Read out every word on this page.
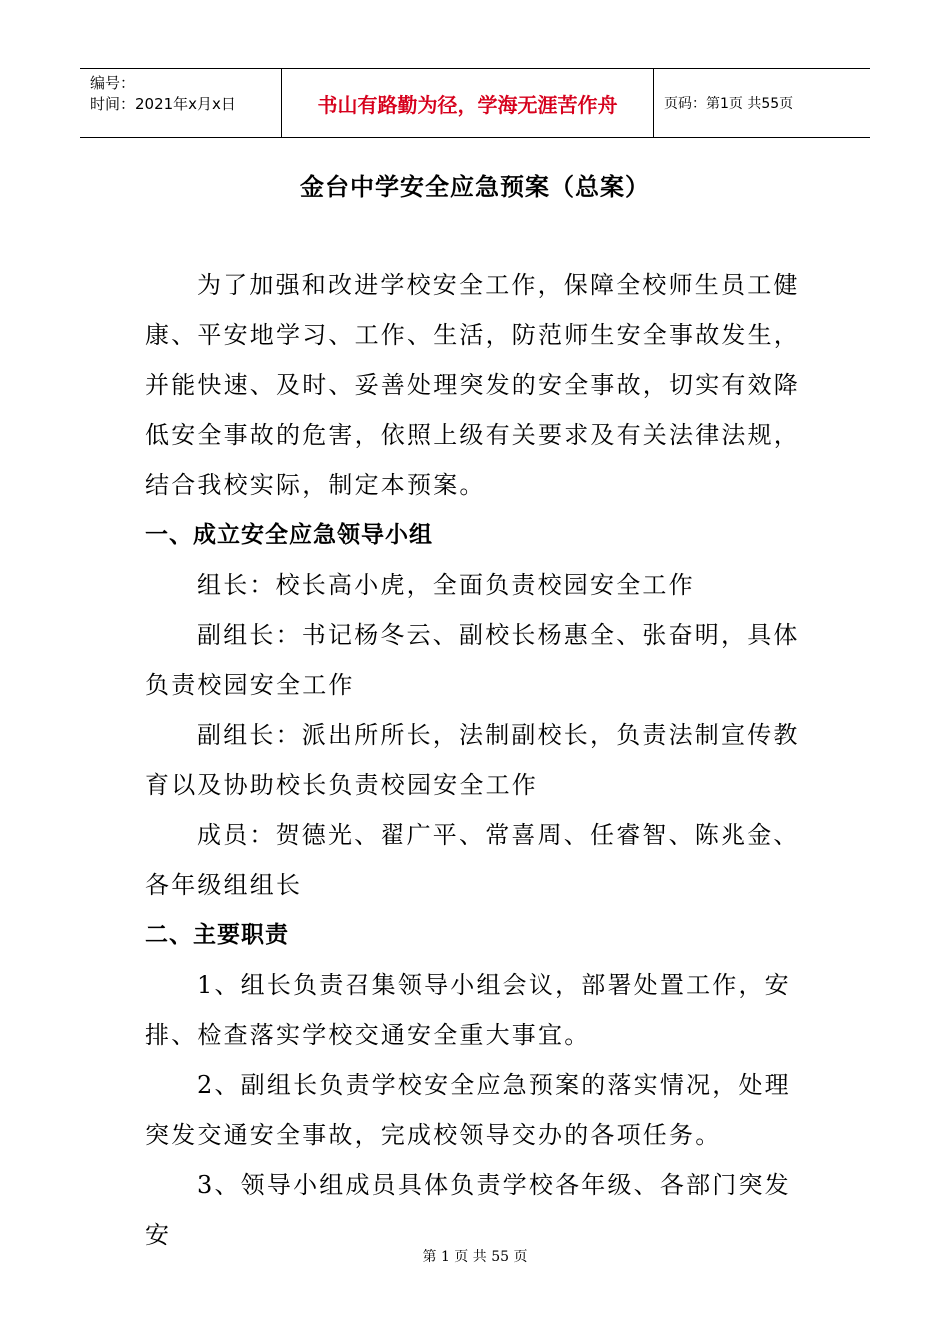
编号：
时间：2021年x月x日	书山有路勤为径，学海无涯苦作舟	页码：第1页 共55页
金台中学安全应急预案（总案）

为了加强和改进学校安全工作，保障全校师生员工健康、平安地学习、工作、生活，防范师生安全事故发生，并能快速、及时、妥善处理突发的安全事故，切实有效降低安全事故的危害，依照上级有关要求及有关法律法规，结合我校实际，制定本预案。

一、成立安全应急领导小组

组长：校长高小虎，全面负责校园安全工作

副组长：书记杨冬云、副校长杨惠全、张奋明，具体负责校园安全工作

副组长：派出所所长，法制副校长，负责法制宣传教育以及协助校长负责校园安全工作

成员：贺德光、翟广平、常喜周、任睿智、陈兆金、各年级组组长

二、主要职责

1、组长负责召集领导小组会议，部署处置工作，安排、检查落实学校交通安全重大事宜。

2、副组长负责学校安全应急预案的落实情况，处理突发交通安全事故，完成校领导交办的各项任务。

3、领导小组成员具体负责学校各年级、各部门突发安

第 1 页 共 55 页
